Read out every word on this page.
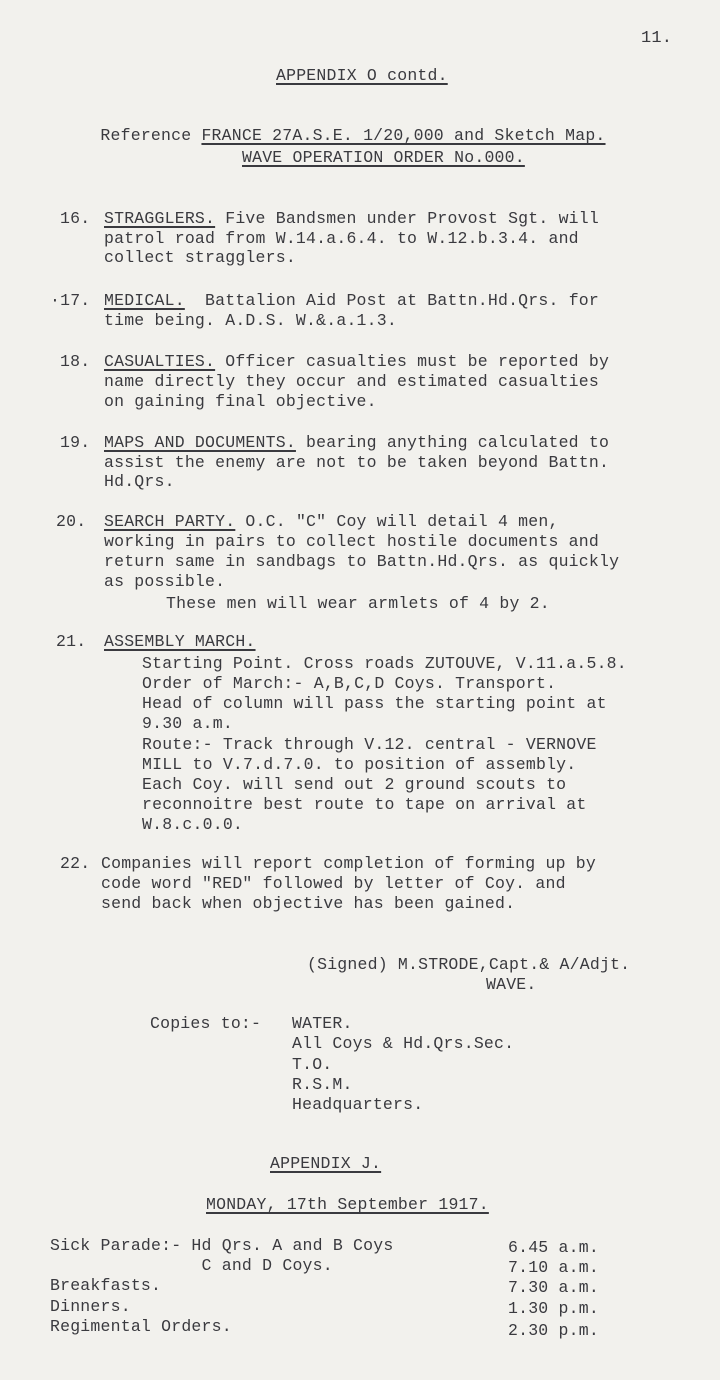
11.
APPENDIX O contd.

Reference FRANCE 27A.S.E. 1/20,000 and Sketch Map.

WAVE OPERATION ORDER No.000.
16. STRAGGLERS. Five Bandsmen under Provost Sgt. will
patrol road from W.14.a.6.4. to W.12.b.3.4. and
collect stragglers.
·17. MEDICAL.  Battalion Aid Post at Battn.Hd.Qrs. for
time being. A.D.S. W.&.a.1.3.
18. CASUALTIES. Officer casualties must be reported by
name directly they occur and estimated casualties
on gaining final objective.
19. MAPS AND DOCUMENTS. bearing anything calculated to
assist the enemy are not to be taken beyond Battn.
Hd.Qrs.
20. SEARCH PARTY. O.C. "C" Coy will detail 4 men,
working in pairs to collect hostile documents and
return same in sandbags to Battn.Hd.Qrs. as quickly
as possible.
These men will wear armlets of 4 by 2.
21. ASSEMBLY MARCH.
Starting Point. Cross roads ZUTOUVE, V.11.a.5.8.
Order of March:- A,B,C,D Coys. Transport.
Head of column will pass the starting point at
9.30 a.m.
Route:- Track through V.12. central - VERNOVE
MILL to V.7.d.7.0. to position of assembly.
Each Coy. will send out 2 ground scouts to
reconnoitre best route to tape on arrival at
W.8.c.0.0.
22. Companies will report completion of forming up by
code word "RED" followed by letter of Coy. and
send back when objective has been gained.
(Signed) M.STRODE,Capt.& A/Adjt.
WAVE.
Copies to:- WATER.
All Coys & Hd.Qrs.Sec.
T.O.
R.S.M.
Headquarters.
APPENDIX J.
MONDAY, 17th September 1917.
Sick Parade:- Hd Qrs. A and B Coys	6.45 a.m.
C and D Coys.	7.10 a.m.
Breakfasts.	7.30 a.m.
Dinners.	1.30 p.m.
Regimental Orders.	2.30 p.m.
